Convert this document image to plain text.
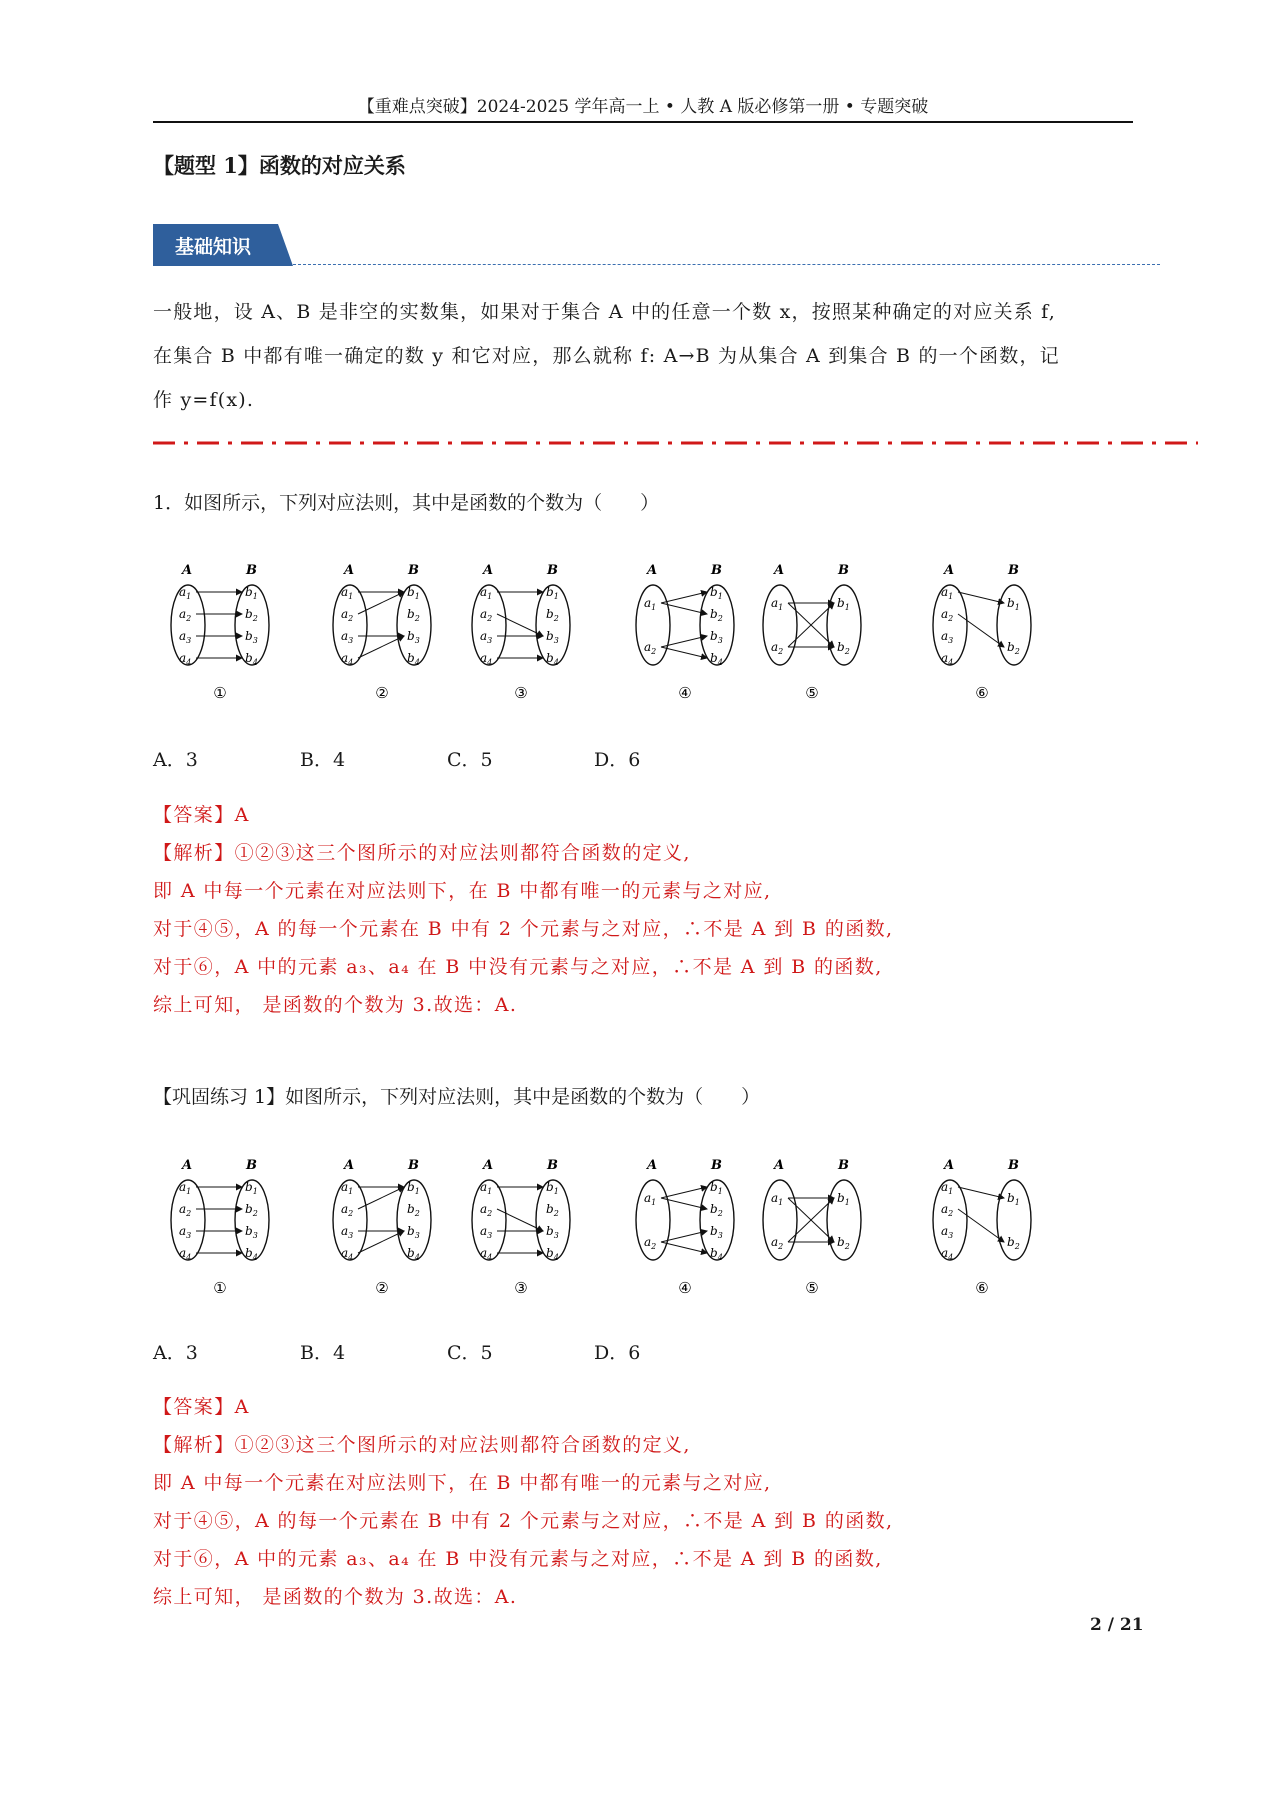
【重难点突破】2024-2025 学年高一上 • 人教 A 版必修第一册 • 专题突破
【题型 1】函数的对应关系
基础知识
一般地，设 A、B 是非空的实数集，如果对于集合 A 中的任意一个数 x，按照某种确定的对应关系 f,
在集合 B 中都有唯一确定的数 y 和它对应，那么就称 f: A→B 为从集合 A 到集合 B 的一个函数，记
作 y=f(x).
1．如图所示，下列对应法则，其中是函数的个数为（　　）
A	B
$a_1$
$a_2$
$a_3$
$a_4$
$b_1$
$b_2$
$b_3$
$b_4$
①
A	B
$a_1$
$a_2$
$a_3$
$a_4$
$b_1$
$b_2$
$b_3$
$b_4$
②
A	B
$a_1$
$a_2$
$a_3$
$a_4$
$b_1$
$b_2$
$b_3$
$b_4$
③
A	B
$a_1$
$a_2$
$b_1$
$b_2$
$b_3$
$b_4$
④
A	B
$a_1$
$a_2$
$b_1$
$b_2$
⑤
A	B
$a_1$
$a_2$
$a_3$
$a_4$
$b_1$
$b_2$
⑥
A．3	B．4	C．5	D．6
【答案】A
【解析】①②③这三个图所示的对应法则都符合函数的定义,
即 A 中每一个元素在对应法则下，在 B 中都有唯一的元素与之对应,
对于④⑤，A 的每一个元素在 B 中有 2 个元素与之对应，∴不是 A 到 B 的函数,
对于⑥，A 中的元素 a₃、a₄ 在 B 中没有元素与之对应，∴不是 A 到 B 的函数,
综上可知， 是函数的个数为 3.故选：A.
【巩固练习 1】如图所示，下列对应法则，其中是函数的个数为（　　）
A	B
$a_1$
$a_2$
$a_3$
$a_4$
$b_1$
$b_2$
$b_3$
$b_4$
①
A	B
$a_1$
$a_2$
$a_3$
$a_4$
$b_1$
$b_2$
$b_3$
$b_4$
②
A	B
$a_1$
$a_2$
$a_3$
$a_4$
$b_1$
$b_2$
$b_3$
$b_4$
③
A	B
$a_1$
$a_2$
$b_1$
$b_2$
$b_3$
$b_4$
④
A	B
$a_1$
$a_2$
$b_1$
$b_2$
⑤
A	B
$a_1$
$a_2$
$a_3$
$a_4$
$b_1$
$b_2$
⑥
A．3	B．4	C．5	D．6
【答案】A
【解析】①②③这三个图所示的对应法则都符合函数的定义,
即 A 中每一个元素在对应法则下，在 B 中都有唯一的元素与之对应,
对于④⑤，A 的每一个元素在 B 中有 2 个元素与之对应，∴不是 A 到 B 的函数,
对于⑥，A 中的元素 a₃、a₄ 在 B 中没有元素与之对应，∴不是 A 到 B 的函数,
综上可知， 是函数的个数为 3.故选：A.
2 / 21
